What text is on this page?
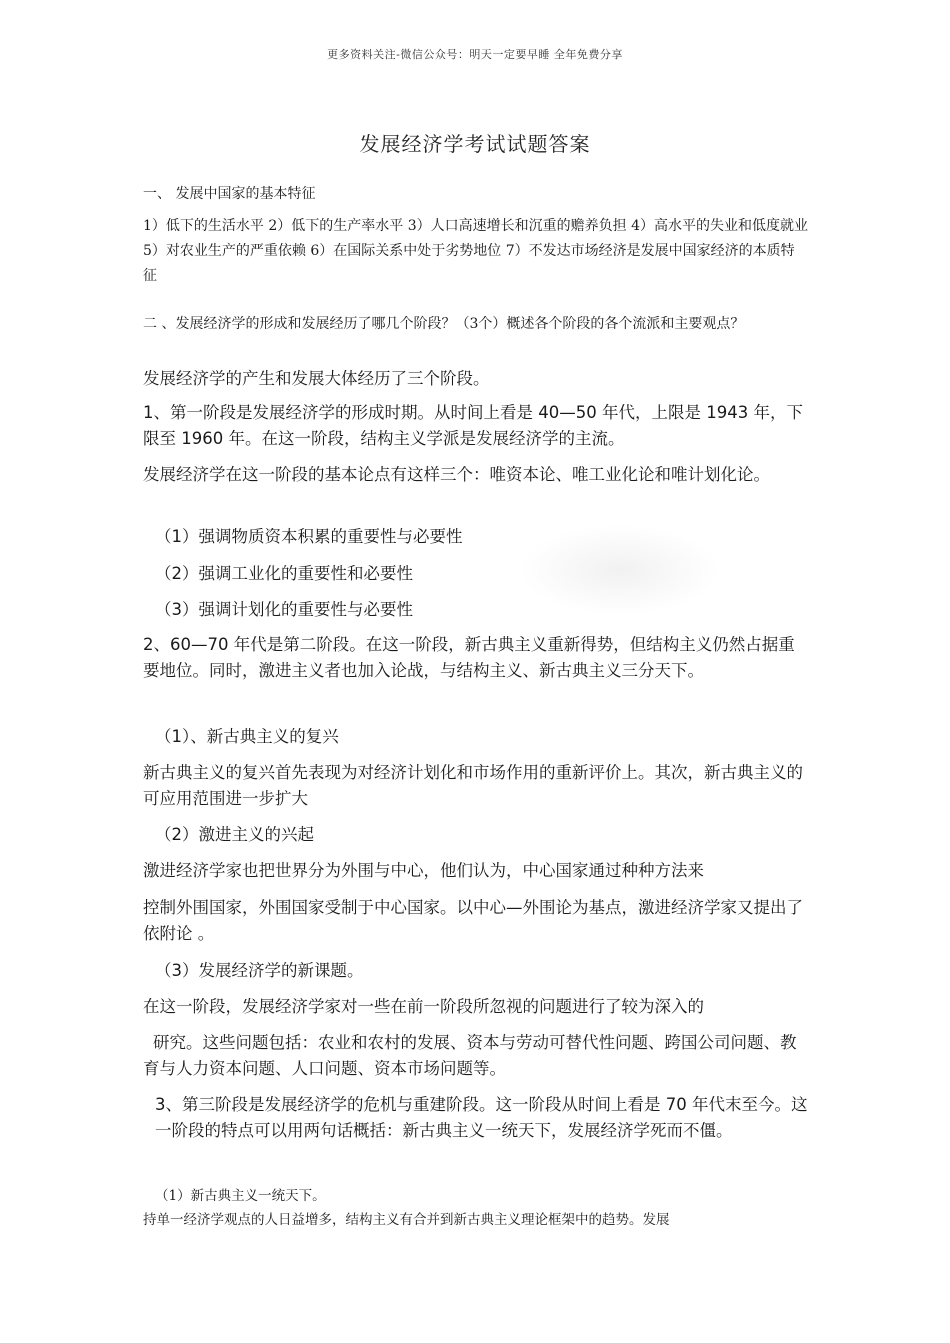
更多资料关注-微信公众号：明天一定要早睡 全年免费分享
发展经济学考试试题答案

一、 发展中国家的基本特征

1）低下的生活水平 2）低下的生产率水平 3）人口高速增长和沉重的赡养负担 4）高水平的失业和低度就业 5）对农业生产的严重依赖 6）在国际关系中处于劣势地位 7）不发达市场经济是发展中国家经济的本质特征

二 、发展经济学的形成和发展经历了哪几个阶段？（3个）概述各个阶段的各个流派和主要观点？

发展经济学的产生和发展大体经历了三个阶段。

1、第一阶段是发展经济学的形成时期。从时间上看是 40—50 年代，上限是 1943 年，下限至 1960 年。在这一阶段，结构主义学派是发展经济学的主流。

发展经济学在这一阶段的基本论点有这样三个：唯资本论、唯工业化论和唯计划化论。

（1）强调物质资本积累的重要性与必要性

（2）强调工业化的重要性和必要性

（3）强调计划化的重要性与必要性

2、60—70 年代是第二阶段。在这一阶段，新古典主义重新得势，但结构主义仍然占据重要地位。同时，激进主义者也加入论战，与结构主义、新古典主义三分天下。

（1）、新古典主义的复兴

新古典主义的复兴首先表现为对经济计划化和市场作用的重新评价上。其次，新古典主义的可应用范围进一步扩大

（2）激进主义的兴起

激进经济学家也把世界分为外围与中心，他们认为，中心国家通过种种方法来

控制外围国家，外围国家受制于中心国家。以中心—外围论为基点，激进经济学家又提出了依附论 。

（3）发展经济学的新课题。

在这一阶段，发展经济学家对一些在前一阶段所忽视的问题进行了较为深入的

研究。这些问题包括：农业和农村的发展、资本与劳动可替代性问题、跨国公司问题、教育与人力资本问题、人口问题、资本市场问题等。

3、第三阶段是发展经济学的危机与重建阶段。这一阶段从时间上看是 70 年代末至今。这一阶段的特点可以用两句话概括：新古典主义一统天下，发展经济学死而不僵。

（1）新古典主义一统天下。

持单一经济学观点的人日益增多，结构主义有合并到新古典主义理论框架中的趋势。发展
